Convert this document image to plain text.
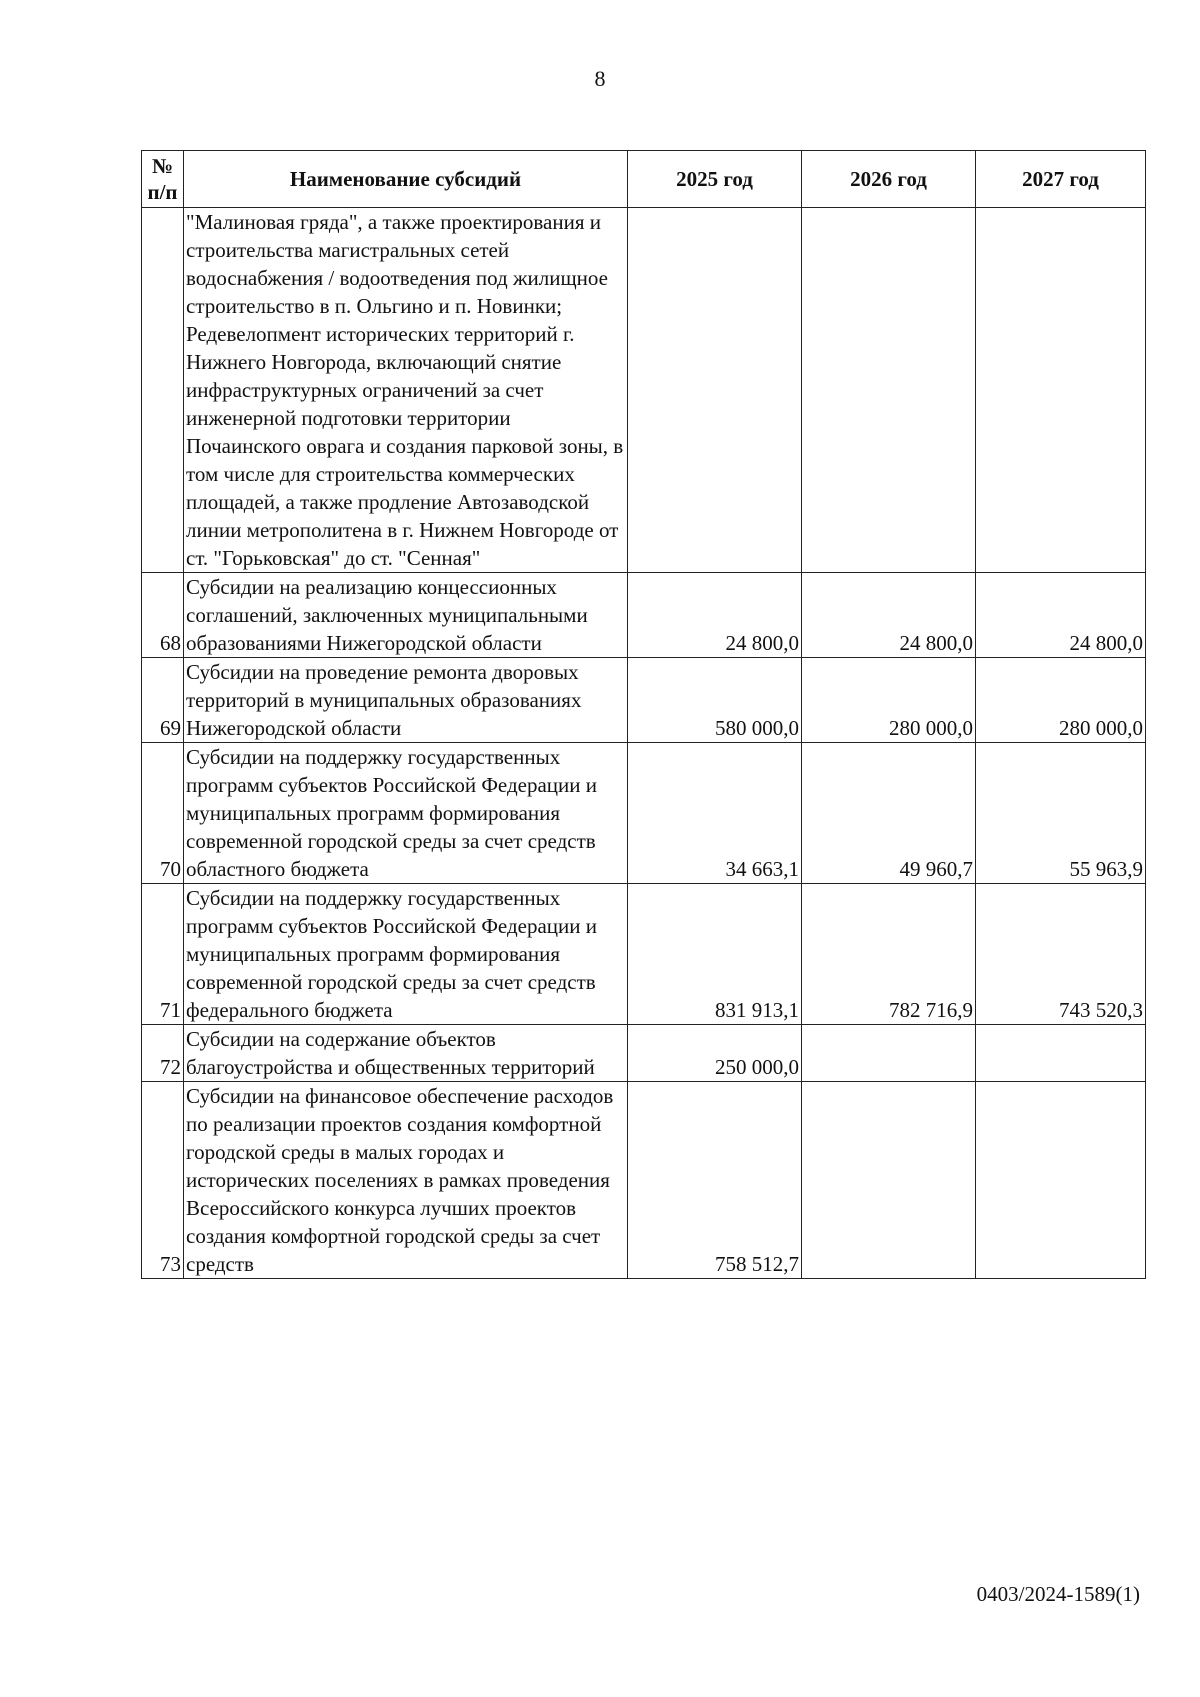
8
№ п/п	Наименование субсидий	2025 год	2026 год	2027 год
	"Малиновая гряда", а также проектирования и строительства магистральных сетей водоснабжения / водоотведения под жилищное строительство в п. Ольгино и п. Новинки; Редевелопмент исторических территорий г. Нижнего Новгорода, включающий снятие инфраструктурных ограничений за счет инженерной подготовки территории Почаинского оврага и создания парковой зоны, в том числе для строительства коммерческих площадей, а также продление Автозаводской линии метрополитена в г. Нижнем Новгороде от ст. "Горьковская" до ст. "Сенная"			
68	Субсидии на реализацию концессионных соглашений, заключенных муниципальными образованиями Нижегородской области	24 800,0	24 800,0	24 800,0
69	Субсидии на проведение ремонта дворовых территорий в муниципальных образованиях Нижегородской области	580 000,0	280 000,0	280 000,0
70	Субсидии на поддержку государственных программ субъектов Российской Федерации и муниципальных программ формирования современной городской среды за счет средств областного бюджета	34 663,1	49 960,7	55 963,9
71	Субсидии на поддержку государственных программ субъектов Российской Федерации и муниципальных программ формирования современной городской среды за счет средств федерального бюджета	831 913,1	782 716,9	743 520,3
72	Субсидии на содержание объектов благоустройства и общественных территорий	250 000,0		
73	Субсидии на финансовое обеспечение расходов по реализации проектов создания комфортной городской среды в малых городах и исторических поселениях в рамках проведения Всероссийского конкурса лучших проектов создания комфортной городской среды за счет средств	758 512,7		
0403/2024-1589(1)
